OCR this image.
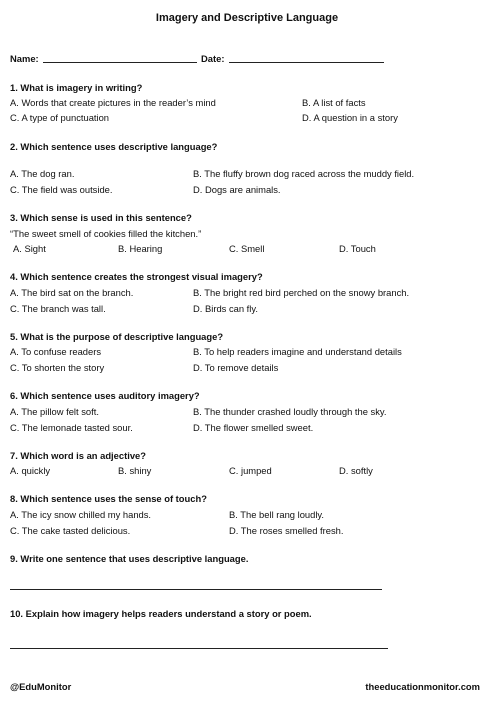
Imagery and Descriptive Language
Name:	Date:
1. What is imagery in writing?
A. Words that create pictures in the reader’s mind	B. A list of facts
C. A type of punctuation	D. A question in a story
2. Which sentence uses descriptive language?
A. The dog ran.	B. The fluffy brown dog raced across the muddy field.
C. The field was outside.	D. Dogs are animals.
3. Which sense is used in this sentence?
“The sweet smell of cookies filled the kitchen.”
A. Sight	B. Hearing	C. Smell	D. Touch
4. Which sentence creates the strongest visual imagery?
A. The bird sat on the branch.	B. The bright red bird perched on the snowy branch.
C. The branch was tall.	D. Birds can fly.
5. What is the purpose of descriptive language?
A. To confuse readers	B. To help readers imagine and understand details
C. To shorten the story	D. To remove details
6. Which sentence uses auditory imagery?
A. The pillow felt soft.	B. The thunder crashed loudly through the sky.
C. The lemonade tasted sour.	D. The flower smelled sweet.
7. Which word is an adjective?
A. quickly	B. shiny	C. jumped	D. softly
8. Which sentence uses the sense of touch?
A. The icy snow chilled my hands.	B. The bell rang loudly.
C. The cake tasted delicious.	D. The roses smelled fresh.
9. Write one sentence that uses descriptive language.
10. Explain how imagery helps readers understand a story or poem.
@EduMonitor	theeducationmonitor.com
